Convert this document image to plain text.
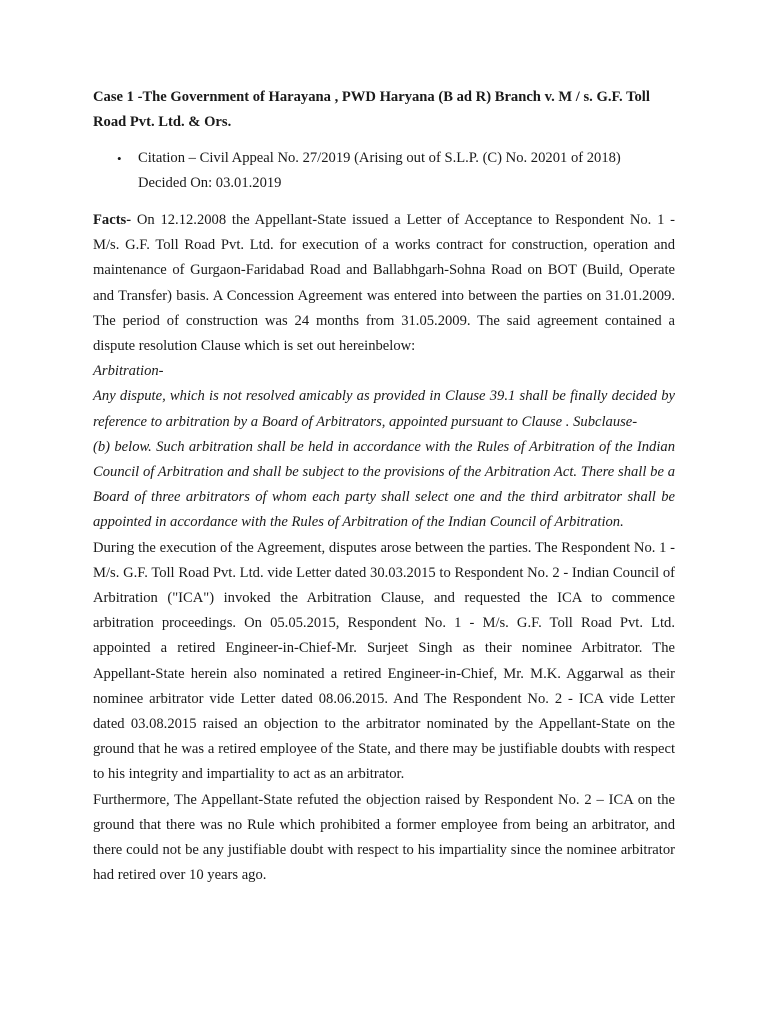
Case 1 -The Government of Harayana , PWD Haryana (B ad R) Branch v. M / s. G.F. Toll Road Pvt. Ltd. & Ors.

• Citation – Civil Appeal No. 27/2019 (Arising out of S.L.P. (C) No. 20201 of 2018)
Decided On: 03.01.2019

Facts- On 12.12.2008 the Appellant-State issued a Letter of Acceptance to Respondent No. 1 - M/s. G.F. Toll Road Pvt. Ltd. for execution of a works contract for construction, operation and maintenance of Gurgaon-Faridabad Road and Ballabhgarh-Sohna Road on BOT (Build, Operate and Transfer) basis. A Concession Agreement was entered into between the parties on 31.01.2009. The period of construction was 24 months from 31.05.2009. The said agreement contained a dispute resolution Clause which is set out hereinbelow:

Arbitration-

Any dispute, which is not resolved amicably as provided in Clause 39.1 shall be finally decided by reference to arbitration by a Board of Arbitrators, appointed pursuant to Clause . Subclause-

(b) below. Such arbitration shall be held in accordance with the Rules of Arbitration of the Indian Council of Arbitration and shall be subject to the provisions of the Arbitration Act. There shall be a Board of three arbitrators of whom each party shall select one and the third arbitrator shall be appointed in accordance with the Rules of Arbitration of the Indian Council of Arbitration.

During the execution of the Agreement, disputes arose between the parties. The Respondent No. 1 - M/s. G.F. Toll Road Pvt. Ltd. vide Letter dated 30.03.2015 to Respondent No. 2 - Indian Council of Arbitration ("ICA") invoked the Arbitration Clause, and requested the ICA to commence arbitration proceedings. On 05.05.2015, Respondent No. 1 - M/s. G.F. Toll Road Pvt. Ltd. appointed a retired Engineer-in-Chief-Mr. Surjeet Singh as their nominee Arbitrator. The Appellant-State herein also nominated a retired Engineer-in-Chief, Mr. M.K. Aggarwal as their nominee arbitrator vide Letter dated 08.06.2015. And The Respondent No. 2 - ICA vide Letter dated 03.08.2015 raised an objection to the arbitrator nominated by the Appellant-State on the ground that he was a retired employee of the State, and there may be justifiable doubts with respect to his integrity and impartiality to act as an arbitrator.

Furthermore, The Appellant-State refuted the objection raised by Respondent No. 2 – ICA on the ground that there was no Rule which prohibited a former employee from being an arbitrator, and there could not be any justifiable doubt with respect to his impartiality since the nominee arbitrator had retired over 10 years ago.
